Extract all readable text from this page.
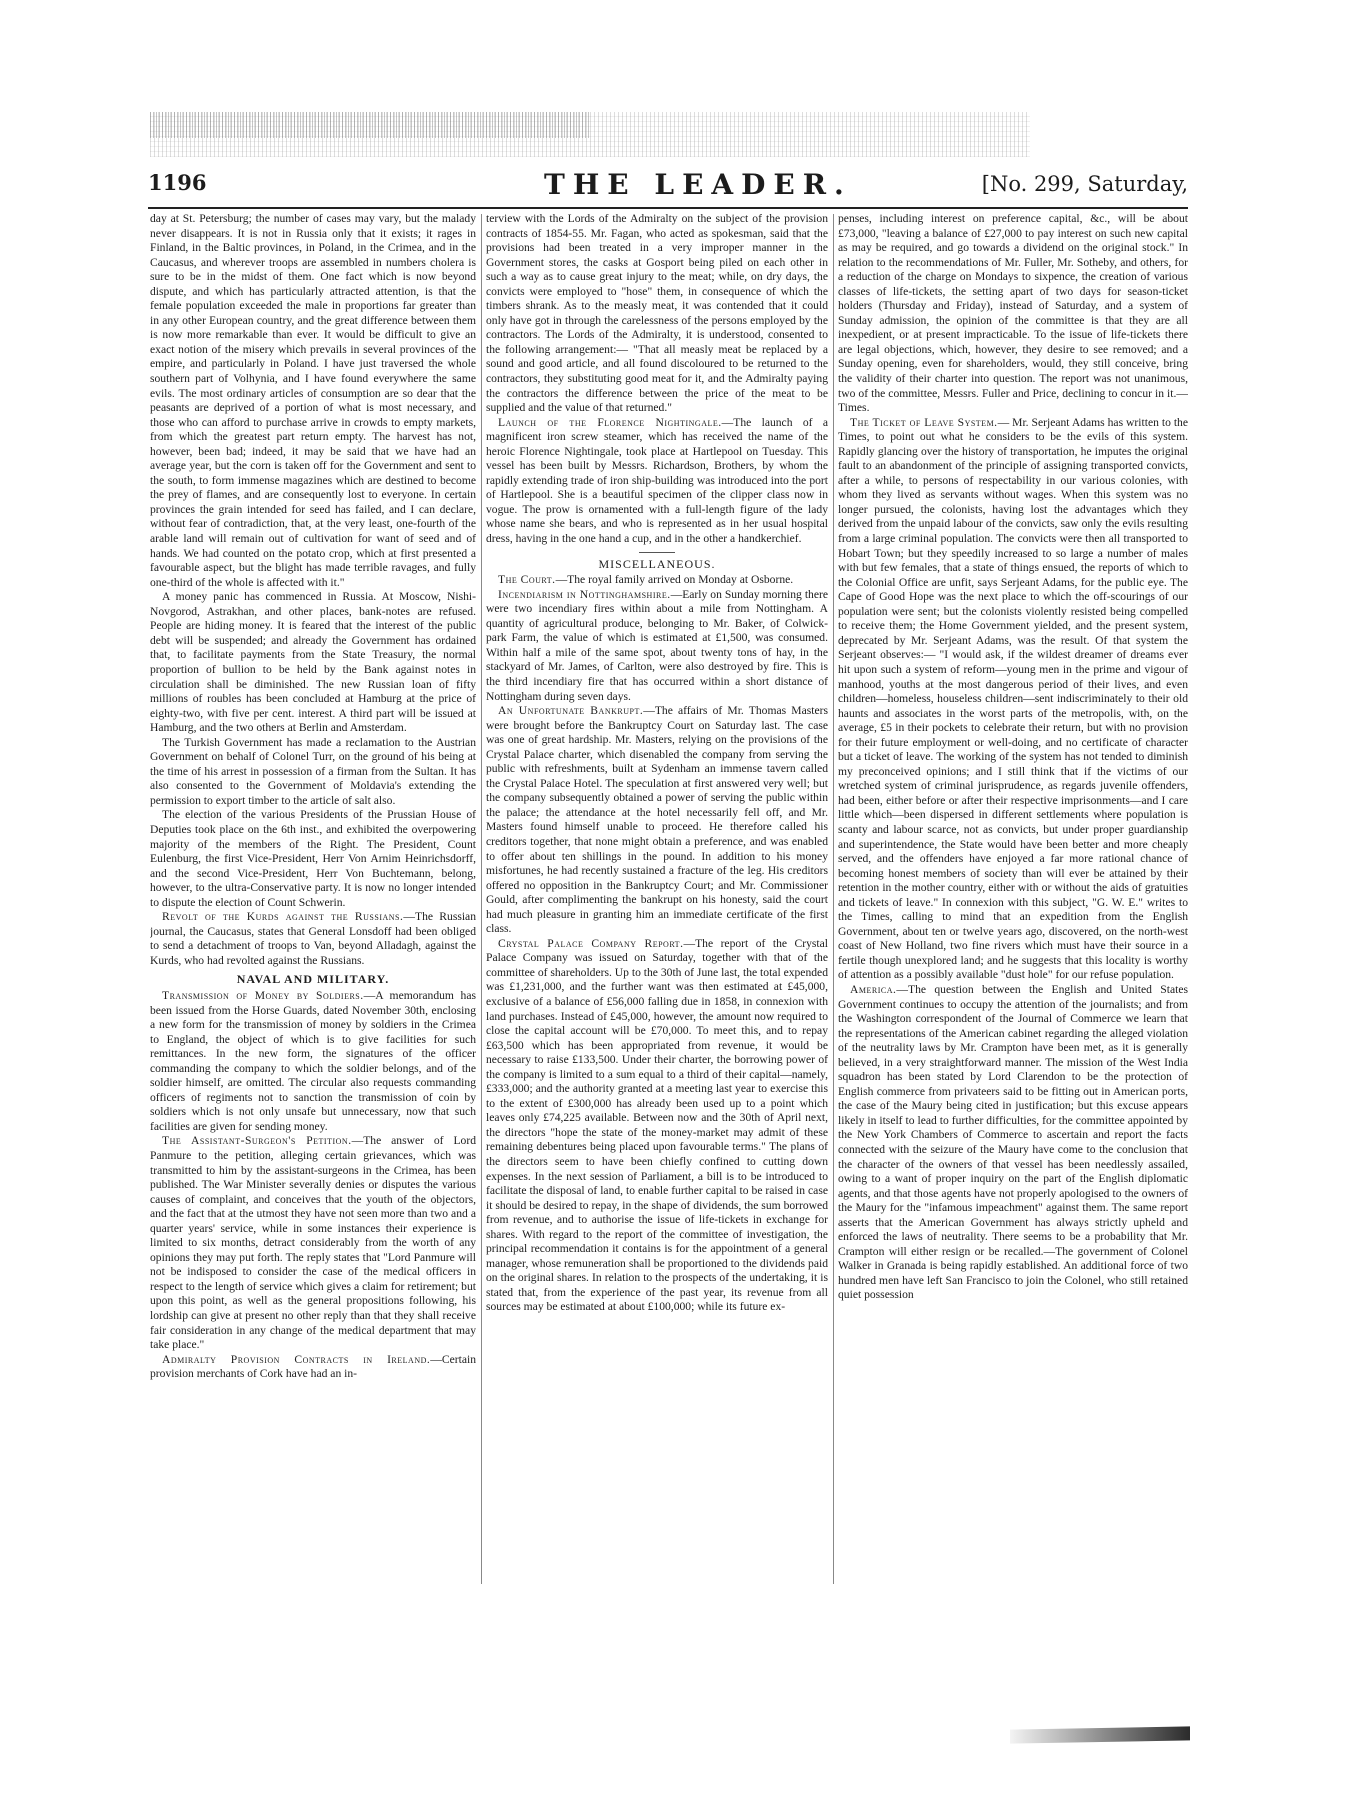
1196	THE LEADER.	[No. 299, Saturday,

day at St. Petersburg; the number of cases may vary, but the malady never disappears. It is not in Russia only that it exists; it rages in Finland, in the Baltic provinces, in Poland, in the Crimea, and in the Caucasus, and wherever troops are assembled in numbers cholera is sure to be in the midst of them. One fact which is now beyond dispute, and which has particularly attracted attention, is that the female population exceeded the male in proportions far greater than in any other European country, and the great difference between them is now more remarkable than ever. It would be difficult to give an exact notion of the misery which prevails in several provinces of the empire, and particularly in Poland. I have just traversed the whole southern part of Volhynia, and I have found everywhere the same evils. The most ordinary articles of consumption are so dear that the peasants are deprived of a portion of what is most necessary, and those who can afford to purchase arrive in crowds to empty markets, from which the greatest part return empty. The harvest has not, however, been bad; indeed, it may be said that we have had an average year, but the corn is taken off for the Government and sent to the south, to form immense magazines which are destined to become the prey of flames, and are consequently lost to everyone. In certain provinces the grain intended for seed has failed, and I can declare, without fear of contradiction, that, at the very least, one-fourth of the arable land will remain out of cultivation for want of seed and of hands. We had counted on the potato crop, which at first presented a favourable aspect, but the blight has made terrible ravages, and fully one-third of the whole is affected with it."

A money panic has commenced in Russia. At Moscow, Nishi-Novgorod, Astrakhan, and other places, bank-notes are refused. People are hiding money. It is feared that the interest of the public debt will be suspended; and already the Government has ordained that, to facilitate payments from the State Treasury, the normal proportion of bullion to be held by the Bank against notes in circulation shall be diminished. The new Russian loan of fifty millions of roubles has been concluded at Hamburg at the price of eighty-two, with five per cent. interest. A third part will be issued at Hamburg, and the two others at Berlin and Amsterdam.

The Turkish Government has made a reclamation to the Austrian Government on behalf of Colonel Turr, on the ground of his being at the time of his arrest in possession of a firman from the Sultan. It has also consented to the Government of Moldavia's extending the permission to export timber to the article of salt also.

The election of the various Presidents of the Prussian House of Deputies took place on the 6th inst., and exhibited the overpowering majority of the members of the Right. The President, Count Eulenburg, the first Vice-President, Herr Von Arnim Heinrichsdorff, and the second Vice-President, Herr Von Buchtemann, belong, however, to the ultra-Conservative party. It is now no longer intended to dispute the election of Count Schwerin.

Revolt of the Kurds against the Russians.—The Russian journal, the Caucasus, states that General Lonsdoff had been obliged to send a detachment of troops to Van, beyond Alladagh, against the Kurds, who had revolted against the Russians.

NAVAL AND MILITARY.

Transmission of Money by Soldiers.—A memorandum has been issued from the Horse Guards, dated November 30th, enclosing a new form for the transmission of money by soldiers in the Crimea to England, the object of which is to give facilities for such remittances. In the new form, the signatures of the officer commanding the company to which the soldier belongs, and of the soldier himself, are omitted. The circular also requests commanding officers of regiments not to sanction the transmission of coin by soldiers which is not only unsafe but unnecessary, now that such facilities are given for sending money.

The Assistant-Surgeon's Petition.—The answer of Lord Panmure to the petition, alleging certain grievances, which was transmitted to him by the assistant-surgeons in the Crimea, has been published. The War Minister severally denies or disputes the various causes of complaint, and conceives that the youth of the objectors, and the fact that at the utmost they have not seen more than two and a quarter years' service, while in some instances their experience is limited to six months, detract considerably from the worth of any opinions they may put forth. The reply states that "Lord Panmure will not be indisposed to consider the case of the medical officers in respect to the length of service which gives a claim for retirement; but upon this point, as well as the general propositions following, his lordship can give at present no other reply than that they shall receive fair consideration in any change of the medical department that may take place."

Admiralty Provision Contracts in Ireland.—Certain provision merchants of Cork have had an in-

terview with the Lords of the Admiralty on the subject of the provision contracts of 1854-55. Mr. Fagan, who acted as spokesman, said that the provisions had been treated in a very improper manner in the Government stores, the casks at Gosport being piled on each other in such a way as to cause great injury to the meat; while, on dry days, the convicts were employed to "hose" them, in consequence of which the timbers shrank. As to the measly meat, it was contended that it could only have got in through the carelessness of the persons employed by the contractors. The Lords of the Admiralty, it is understood, consented to the following arrangement:— "That all measly meat be replaced by a sound and good article, and all found discoloured to be returned to the contractors, they substituting good meat for it, and the Admiralty paying the contractors the difference between the price of the meat to be supplied and the value of that returned."

Launch of the Florence Nightingale.—The launch of a magnificent iron screw steamer, which has received the name of the heroic Florence Nightingale, took place at Hartlepool on Tuesday. This vessel has been built by Messrs. Richardson, Brothers, by whom the rapidly extending trade of iron ship-building was introduced into the port of Hartlepool. She is a beautiful specimen of the clipper class now in vogue. The prow is ornamented with a full-length figure of the lady whose name she bears, and who is represented as in her usual hospital dress, having in the one hand a cup, and in the other a handkerchief.

MISCELLANEOUS.

The Court.—The royal family arrived on Monday at Osborne.

Incendiarism in Nottinghamshire.—Early on Sunday morning there were two incendiary fires within about a mile from Nottingham. A quantity of agricultural produce, belonging to Mr. Baker, of Colwick-park Farm, the value of which is estimated at £1,500, was consumed. Within half a mile of the same spot, about twenty tons of hay, in the stackyard of Mr. James, of Carlton, were also destroyed by fire. This is the third incendiary fire that has occurred within a short distance of Nottingham during seven days.

An Unfortunate Bankrupt.—The affairs of Mr. Thomas Masters were brought before the Bankruptcy Court on Saturday last. The case was one of great hardship. Mr. Masters, relying on the provisions of the Crystal Palace charter, which disenabled the company from serving the public with refreshments, built at Sydenham an immense tavern called the Crystal Palace Hotel. The speculation at first answered very well; but the company subsequently obtained a power of serving the public within the palace; the attendance at the hotel necessarily fell off, and Mr. Masters found himself unable to proceed. He therefore called his creditors together, that none might obtain a preference, and was enabled to offer about ten shillings in the pound. In addition to his money misfortunes, he had recently sustained a fracture of the leg. His creditors offered no opposition in the Bankruptcy Court; and Mr. Commissioner Gould, after complimenting the bankrupt on his honesty, said the court had much pleasure in granting him an immediate certificate of the first class.

Crystal Palace Company Report.—The report of the Crystal Palace Company was issued on Saturday, together with that of the committee of shareholders. Up to the 30th of June last, the total expended was £1,231,000, and the further want was then estimated at £45,000, exclusive of a balance of £56,000 falling due in 1858, in connexion with land purchases. Instead of £45,000, however, the amount now required to close the capital account will be £70,000. To meet this, and to repay £63,500 which has been appropriated from revenue, it would be necessary to raise £133,500. Under their charter, the borrowing power of the company is limited to a sum equal to a third of their capital—namely, £333,000; and the authority granted at a meeting last year to exercise this to the extent of £300,000 has already been used up to a point which leaves only £74,225 available. Between now and the 30th of April next, the directors "hope the state of the money-market may admit of these remaining debentures being placed upon favourable terms." The plans of the directors seem to have been chiefly confined to cutting down expenses. In the next session of Parliament, a bill is to be introduced to facilitate the disposal of land, to enable further capital to be raised in case it should be desired to repay, in the shape of dividends, the sum borrowed from revenue, and to authorise the issue of life-tickets in exchange for shares. With regard to the report of the committee of investigation, the principal recommendation it contains is for the appointment of a general manager, whose remuneration shall be proportioned to the dividends paid on the original shares. In relation to the prospects of the undertaking, it is stated that, from the experience of the past year, its revenue from all sources may be estimated at about £100,000; while its future ex-

penses, including interest on preference capital, &c., will be about £73,000, "leaving a balance of £27,000 to pay interest on such new capital as may be required, and go towards a dividend on the original stock." In relation to the recommendations of Mr. Fuller, Mr. Sotheby, and others, for a reduction of the charge on Mondays to sixpence, the creation of various classes of life-tickets, the setting apart of two days for season-ticket holders (Thursday and Friday), instead of Saturday, and a system of Sunday admission, the opinion of the committee is that they are all inexpedient, or at present impracticable. To the issue of life-tickets there are legal objections, which, however, they desire to see removed; and a Sunday opening, even for shareholders, would, they still conceive, bring the validity of their charter into question. The report was not unanimous, two of the committee, Messrs. Fuller and Price, declining to concur in it.—Times.

The Ticket of Leave System.— Mr. Serjeant Adams has written to the Times, to point out what he considers to be the evils of this system. Rapidly glancing over the history of transportation, he imputes the original fault to an abandonment of the principle of assigning transported convicts, after a while, to persons of respectability in our various colonies, with whom they lived as servants without wages. When this system was no longer pursued, the colonists, having lost the advantages which they derived from the unpaid labour of the convicts, saw only the evils resulting from a large criminal population. The convicts were then all transported to Hobart Town; but they speedily increased to so large a number of males with but few females, that a state of things ensued, the reports of which to the Colonial Office are unfit, says Serjeant Adams, for the public eye. The Cape of Good Hope was the next place to which the off-scourings of our population were sent; but the colonists violently resisted being compelled to receive them; the Home Government yielded, and the present system, deprecated by Mr. Serjeant Adams, was the result. Of that system the Serjeant observes:— "I would ask, if the wildest dreamer of dreams ever hit upon such a system of reform—young men in the prime and vigour of manhood, youths at the most dangerous period of their lives, and even children—homeless, houseless children—sent indiscriminately to their old haunts and associates in the worst parts of the metropolis, with, on the average, £5 in their pockets to celebrate their return, but with no provision for their future employment or well-doing, and no certificate of character but a ticket of leave. The working of the system has not tended to diminish my preconceived opinions; and I still think that if the victims of our wretched system of criminal jurisprudence, as regards juvenile offenders, had been, either before or after their respective imprisonments—and I care little which—been dispersed in different settlements where population is scanty and labour scarce, not as convicts, but under proper guardianship and superintendence, the State would have been better and more cheaply served, and the offenders have enjoyed a far more rational chance of becoming honest members of society than will ever be attained by their retention in the mother country, either with or without the aids of gratuities and tickets of leave." In connexion with this subject, "G. W. E." writes to the Times, calling to mind that an expedition from the English Government, about ten or twelve years ago, discovered, on the north-west coast of New Holland, two fine rivers which must have their source in a fertile though unexplored land; and he suggests that this locality is worthy of attention as a possibly available "dust hole" for our refuse population.

America.—The question between the English and United States Government continues to occupy the attention of the journalists; and from the Washington correspondent of the Journal of Commerce we learn that the representations of the American cabinet regarding the alleged violation of the neutrality laws by Mr. Crampton have been met, as it is generally believed, in a very straightforward manner. The mission of the West India squadron has been stated by Lord Clarendon to be the protection of English commerce from privateers said to be fitting out in American ports, the case of the Maury being cited in justification; but this excuse appears likely in itself to lead to further difficulties, for the committee appointed by the New York Chambers of Commerce to ascertain and report the facts connected with the seizure of the Maury have come to the conclusion that the character of the owners of that vessel has been needlessly assailed, owing to a want of proper inquiry on the part of the English diplomatic agents, and that those agents have not properly apologised to the owners of the Maury for the "infamous impeachment" against them. The same report asserts that the American Government has always strictly upheld and enforced the laws of neutrality. There seems to be a probability that Mr. Crampton will either resign or be recalled.—The government of Colonel Walker in Granada is being rapidly established. An additional force of two hundred men have left San Francisco to join the Colonel, who still retained quiet possession
